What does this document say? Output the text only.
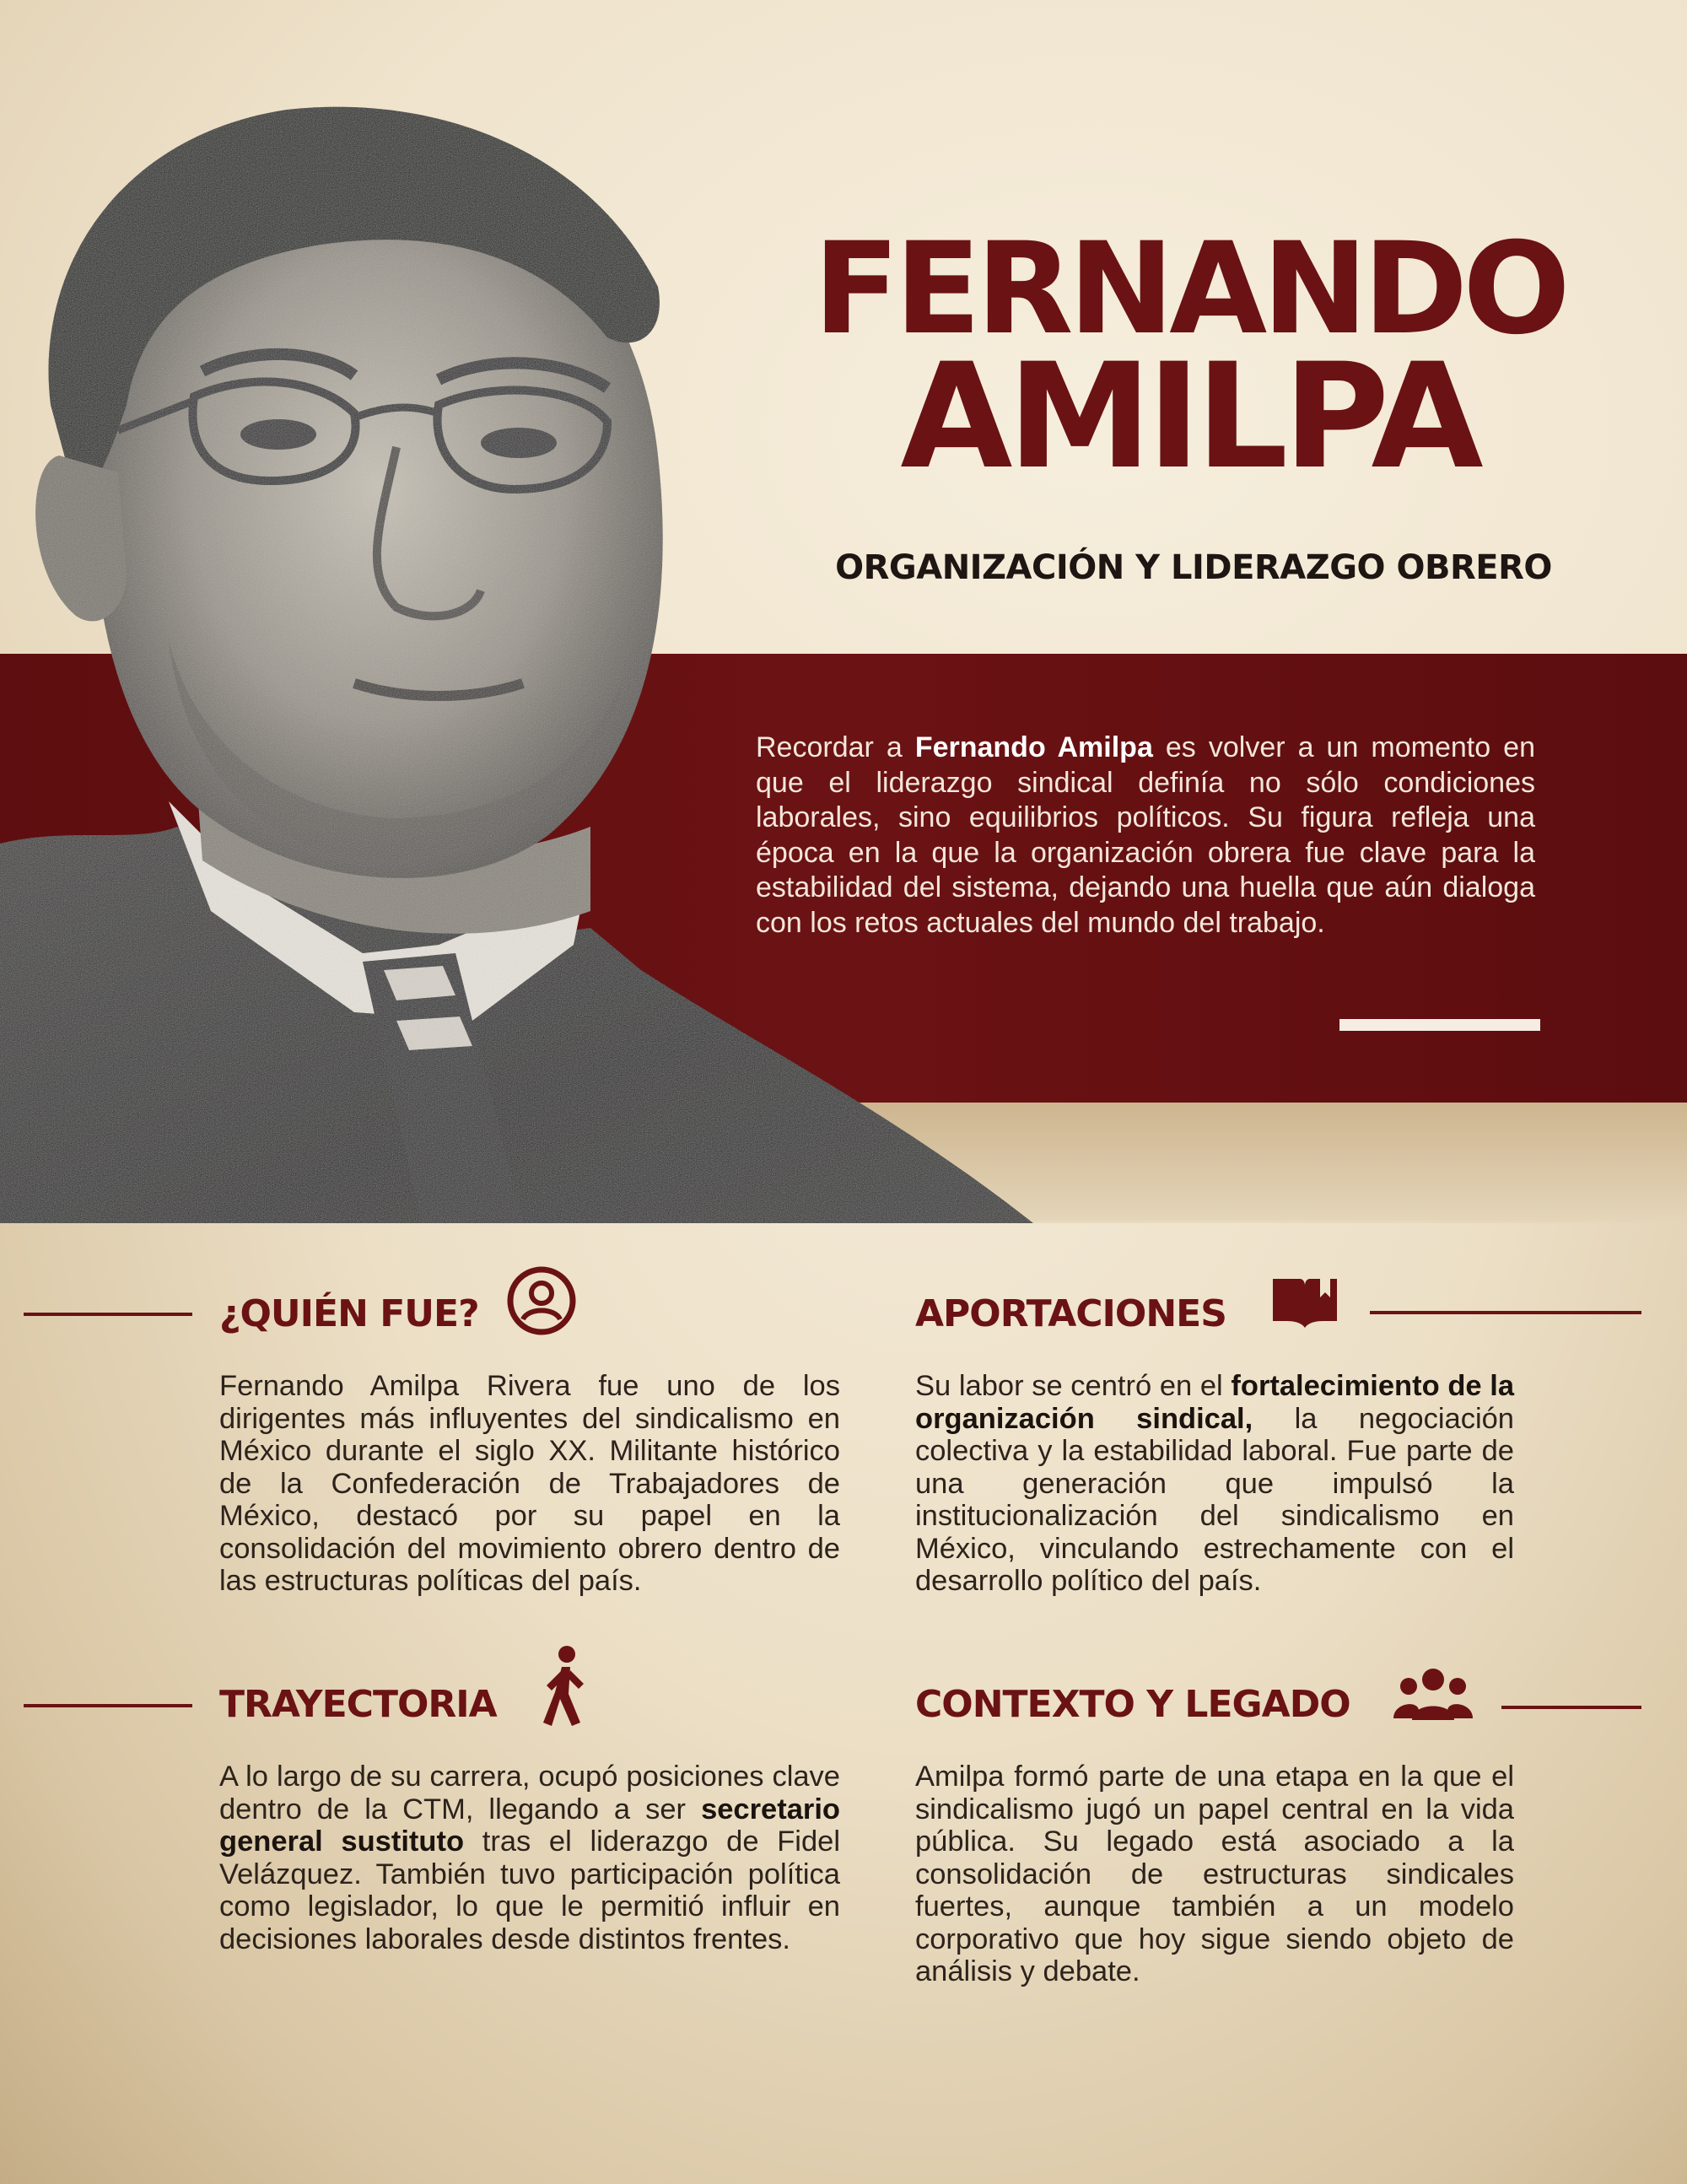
FERNANDO
AMILPA
ORGANIZACIÓN Y LIDERAZGO OBRERO
Recordar a Fernando Amilpa es volver a un momento en que el liderazgo sindical definía no sólo condiciones laborales, sino equilibrios políticos. Su figura refleja una época en la que la organización obrera fue clave para la estabilidad del sistema, dejando una huella que aún dialoga con los retos actuales del mundo del trabajo.
¿QUIÉN FUE?
Fernando Amilpa Rivera fue uno de los dirigentes más influyentes del sindicalismo en México durante el siglo XX. Militante histórico de la Confederación de Trabajadores de México, destacó por su papel en la consolidación del movimiento obrero dentro de las estructuras políticas del país.
APORTACIONES
Su labor se centró en el fortalecimiento de la organización sindical, la negociación colectiva y la estabilidad laboral. Fue parte de una generación que impulsó la institucionalización del sindicalismo en México, vinculando estrechamente con el desarrollo político del país.
TRAYECTORIA
A lo largo de su carrera, ocupó posiciones clave dentro de la CTM, llegando a ser secretario general sustituto tras el liderazgo de Fidel Velázquez. También tuvo participación política como legislador, lo que le permitió influir en decisiones laborales desde distintos frentes.
CONTEXTO Y LEGADO
Amilpa formó parte de una etapa en la que el sindicalismo jugó un papel central en la vida pública. Su legado está asociado a la consolidación de estructuras sindicales fuertes, aunque también a un modelo corporativo que hoy sigue siendo objeto de análisis y debate.
